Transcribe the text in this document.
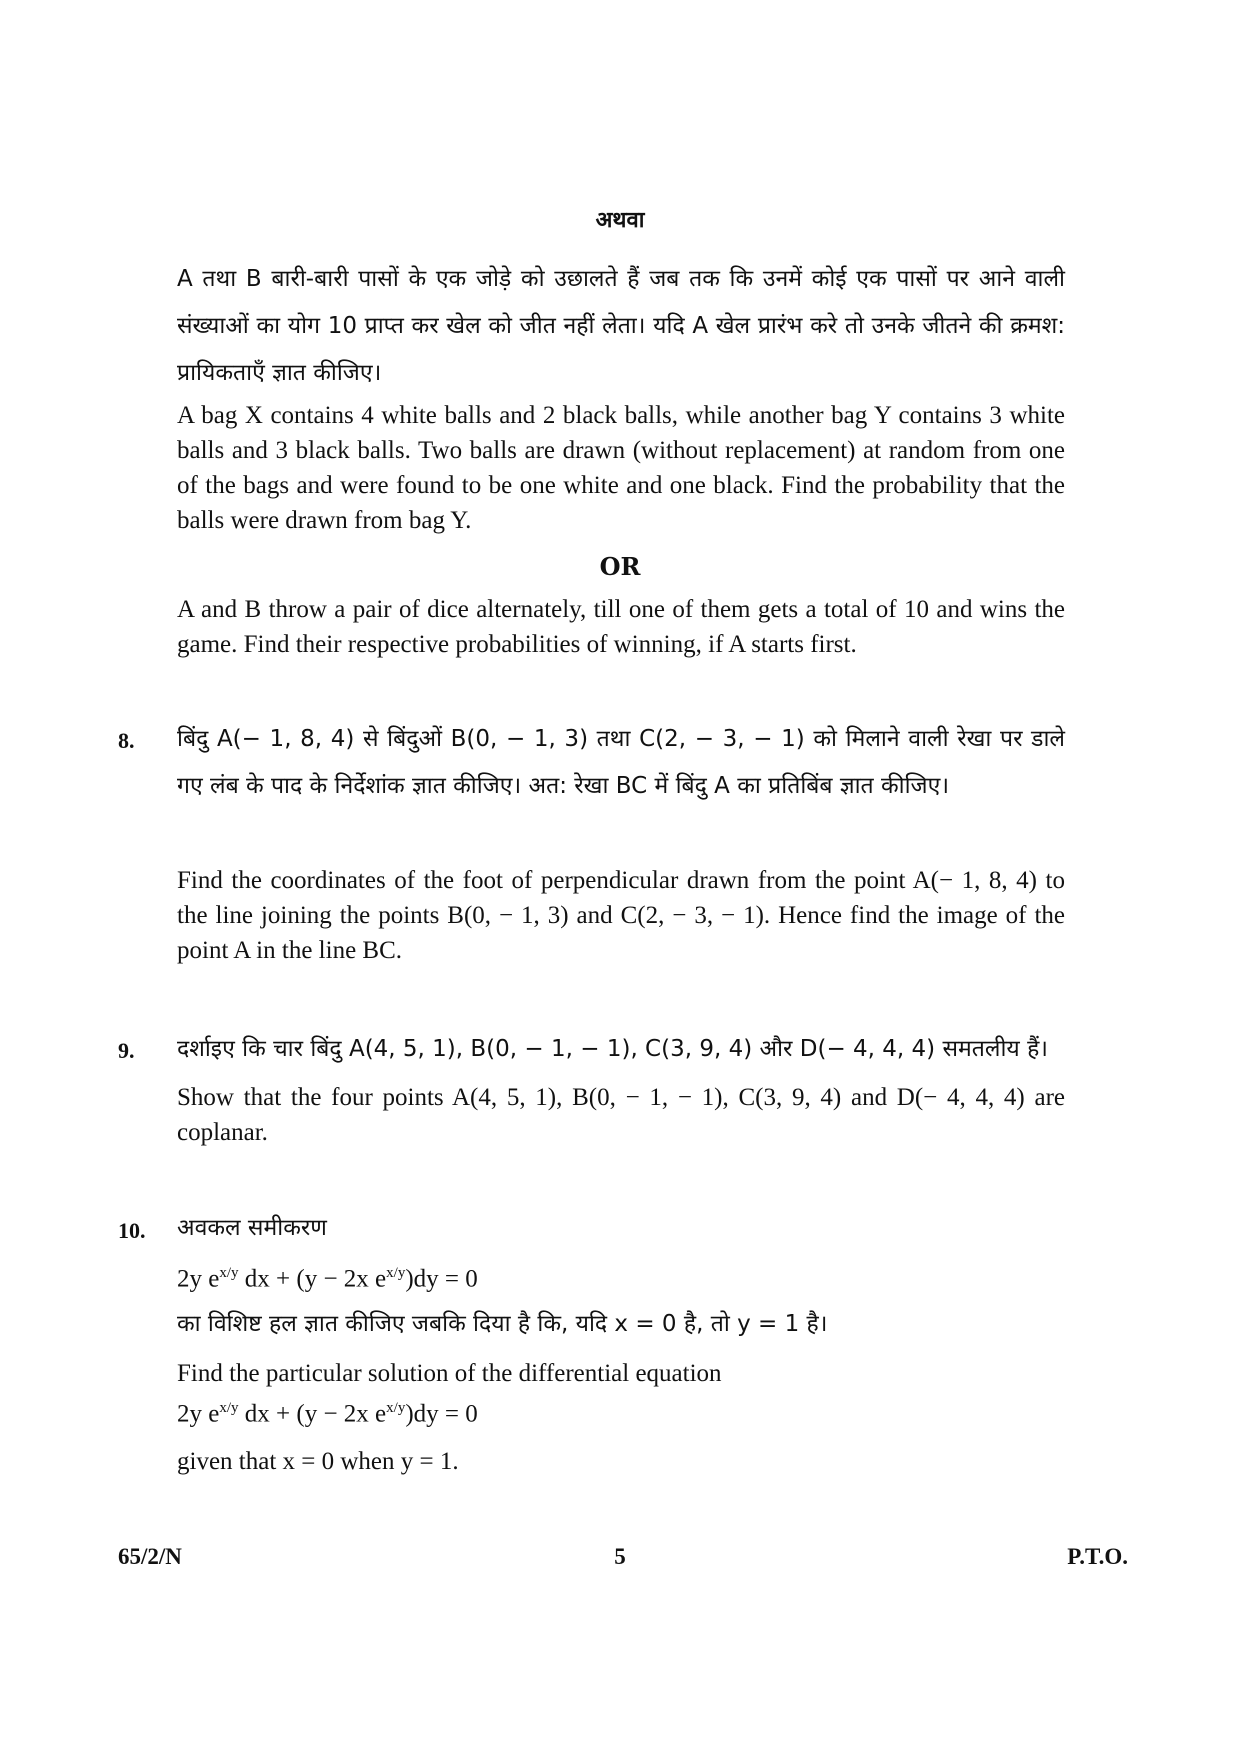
अथवा

A तथा B बारी-बारी पासों के एक जोड़े को उछालते हैं जब तक कि उनमें कोई एक पासों पर आने वाली संख्याओं का योग 10 प्राप्त कर खेल को जीत नहीं लेता। यदि A खेल प्रारंभ करे तो उनके जीतने की क्रमश: प्रायिकताएँ ज्ञात कीजिए।

A bag X contains 4 white balls and 2 black balls, while another bag Y contains 3 white balls and 3 black balls. Two balls are drawn (without replacement) at random from one of the bags and were found to be one white and one black. Find the probability that the balls were drawn from bag Y.

OR

A and B throw a pair of dice alternately, till one of them gets a total of 10 and wins the game. Find their respective probabilities of winning, if A starts first.

8. बिंदु A(− 1, 8, 4) से बिंदुओं B(0, − 1, 3) तथा C(2, − 3, − 1) को मिलाने वाली रेखा पर डाले गए लंब के पाद के निर्देशांक ज्ञात कीजिए। अत: रेखा BC में बिंदु A का प्रतिबिंब ज्ञात कीजिए।

Find the coordinates of the foot of perpendicular drawn from the point A(− 1, 8, 4) to the line joining the points B(0, − 1, 3) and C(2, − 3, − 1). Hence find the image of the point A in the line BC.

9. दर्शाइए कि चार बिंदु A(4, 5, 1), B(0, − 1, − 1), C(3, 9, 4) और D(− 4, 4, 4) समतलीय हैं।

Show that the four points A(4, 5, 1), B(0, − 1, − 1), C(3, 9, 4) and D(− 4, 4, 4) are coplanar.

10. अवकल समीकरण
2y $e^{x/y}$ dx + (y − 2x $e^{x/y})dy = 0$
का विशिष्ट हल ज्ञात कीजिए जबकि दिया है कि, यदि x = 0 है, तो y = 1 है।
Find the particular solution of the differential equation
2y $e^{x/y}$ dx + (y − 2x $e^{x/y})dy = 0$
given that x = 0 when y = 1.
65/2/N	5	P.T.O.
